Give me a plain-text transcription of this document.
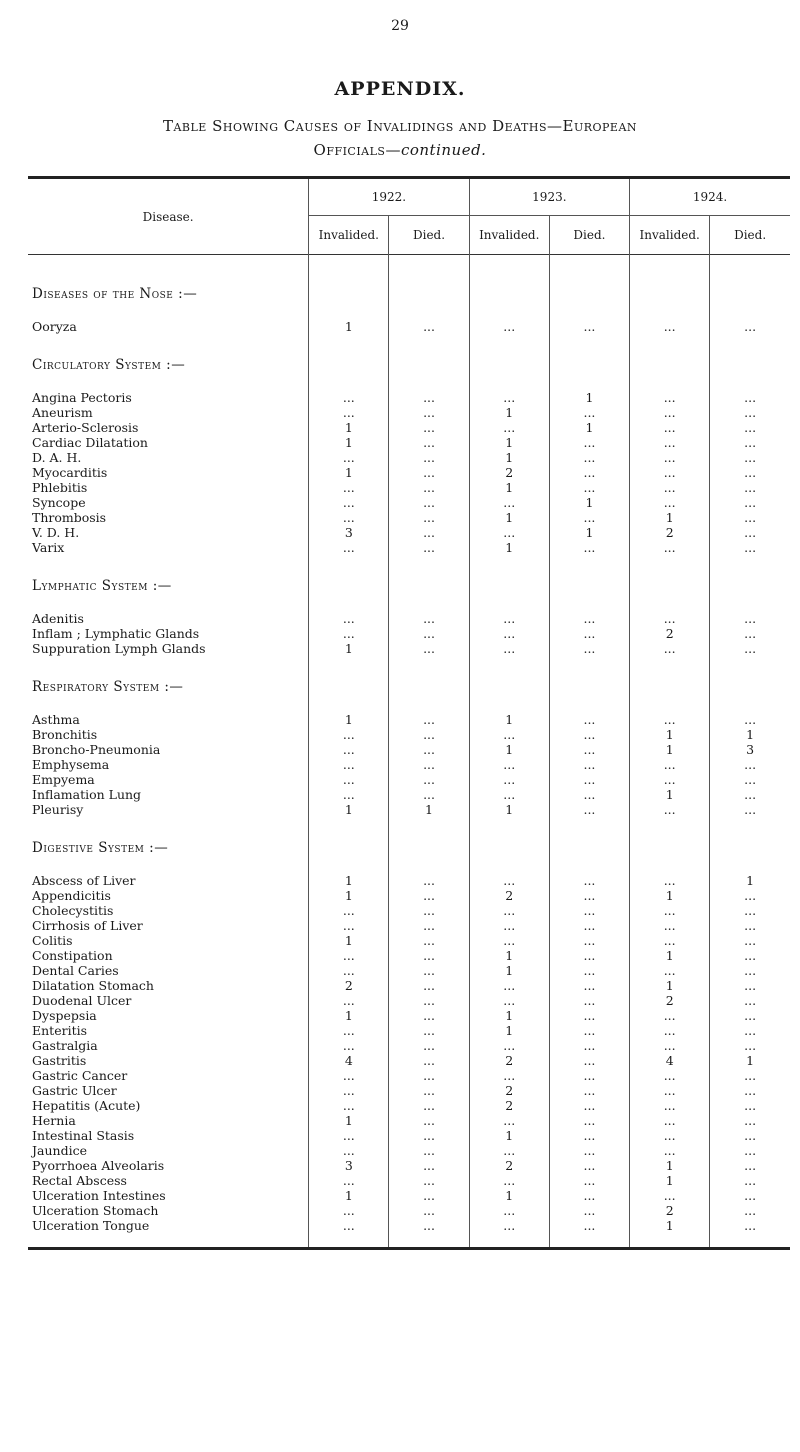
29
APPENDIX.
Table Showing Causes of Invalidings and Deaths—European
Officials—continued.
Disease.	1922.		1923.		1924.	
	Invalided.	Died.	Invalided.	Died.	Invalided.	Died.

Diseases of the Nose :—						

Ooryza	1	...	...	...	...	...
Circulatory System :—						

Angina Pectoris	...	...	...	1	...	...
Aneurism	...	...	1	...	...	...
Arterio-Sclerosis	1	...	...	1	...	...
Cardiac Dilatation	1	...	1	...	...	...
D. A. H.	...	...	1	...	...	...
Myocarditis	1	...	2	...	...	...
Phlebitis	...	...	1	...	...	...
Syncope	...	...	...	1	...	...
Thrombosis	...	...	1	...	1	...
V. D. H.	3	...	...	1	2	...
Varix	...	...	1	...	...	...
Lymphatic System :—						

Adenitis	...	...	...	...	...	...
Inflam ; Lymphatic Glands	...	...	...	...	2	...
Suppuration Lymph Glands	1	...	...	...	...	...
Respiratory System :—						

Asthma	1	...	1	...	...	...
Bronchitis	...	...	...	...	1	1
Broncho-Pneumonia	...	...	1	...	1	3
Emphysema	...	...	...	...	...	...
Empyema	...	...	...	...	...	...
Inflamation Lung	...	...	...	...	1	...
Pleurisy	1	1	1	...	...	...
Digestive System :—						

Abscess of Liver	1	...	...	...	...	1
Appendicitis	1	...	2	...	1	...
Cholecystitis	...	...	...	...	...	...
Cirrhosis of Liver	...	...	...	...	...	...
Colitis	1	...	...	...	...	...
Constipation	...	...	1	...	1	...
Dental Caries	...	...	1	...	...	...
Dilatation Stomach	2	...	...	...	1	...
Duodenal Ulcer	...	...	...	...	2	...
Dyspepsia	1	...	1	...	...	...
Enteritis	...	...	1	...	...	...
Gastralgia	...	...	...	...	...	...
Gastritis	4	...	2	...	4	1
Gastric Cancer	...	...	...	...	...	...
Gastric Ulcer	...	...	2	...	...	...
Hepatitis (Acute)	...	...	2	...	...	...
Hernia	1	...	...	...	...	...
Intestinal Stasis	...	...	1	...	...	...
Jaundice	...	...	...	...	...	...
Pyorrhoea Alveolaris	3	...	2	...	1	...
Rectal Abscess	...	...	...	...	1	...
Ulceration Intestines	1	...	1	...	...	...
Ulceration Stomach	...	...	...	...	2	...
Ulceration Tongue	...	...	...	...	1	...
